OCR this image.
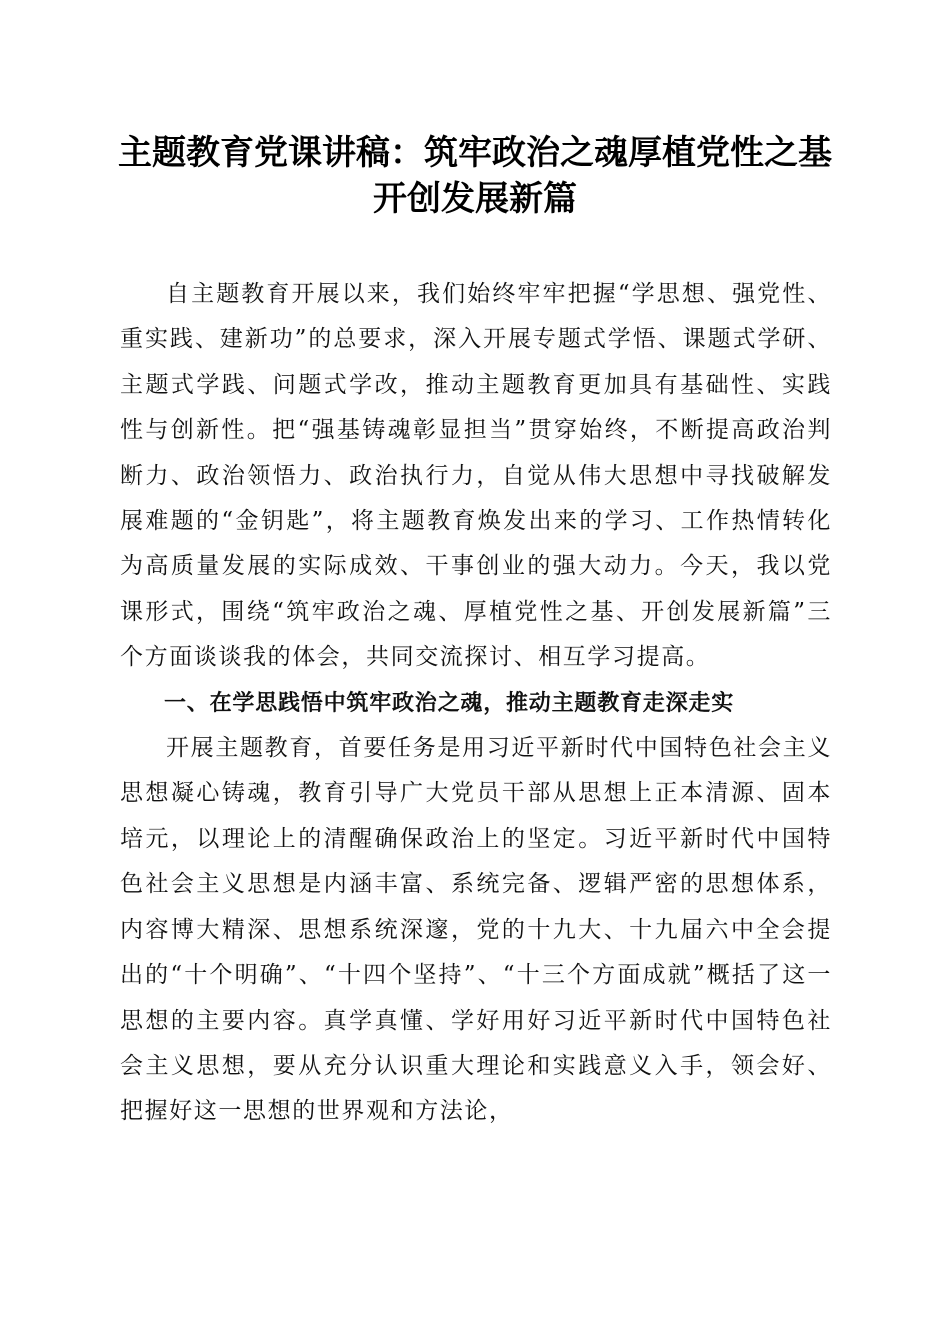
主题教育党课讲稿：筑牢政治之魂厚植党性之基开创发展新篇

自主题教育开展以来，我们始终牢牢把握“学思想、强党性、重实践、建新功”的总要求，深入开展专题式学悟、课题式学研、主题式学践、问题式学改，推动主题教育更加具有基础性、实践性与创新性。把“强基铸魂彰显担当”贯穿始终，不断提高政治判断力、政治领悟力、政治执行力，自觉从伟大思想中寻找破解发展难题的“金钥匙”，将主题教育焕发出来的学习、工作热情转化为高质量发展的实际成效、干事创业的强大动力。今天，我以党课形式，围绕“筑牢政治之魂、厚植党性之基、开创发展新篇”三个方面谈谈我的体会，共同交流探讨、相互学习提高。

一、在学思践悟中筑牢政治之魂，推动主题教育走深走实

开展主题教育，首要任务是用习近平新时代中国特色社会主义思想凝心铸魂，教育引导广大党员干部从思想上正本清源、固本培元，以理论上的清醒确保政治上的坚定。习近平新时代中国特色社会主义思想是内涵丰富、系统完备、逻辑严密的思想体系，内容博大精深、思想系统深邃，党的十九大、十九届六中全会提出的“十个明确”、“十四个坚持”、“十三个方面成就”概括了这一思想的主要内容。真学真懂、学好用好习近平新时代中国特色社会主义思想，要从充分认识重大理论和实践意义入手，领会好、把握好这一思想的世界观和方法论，
